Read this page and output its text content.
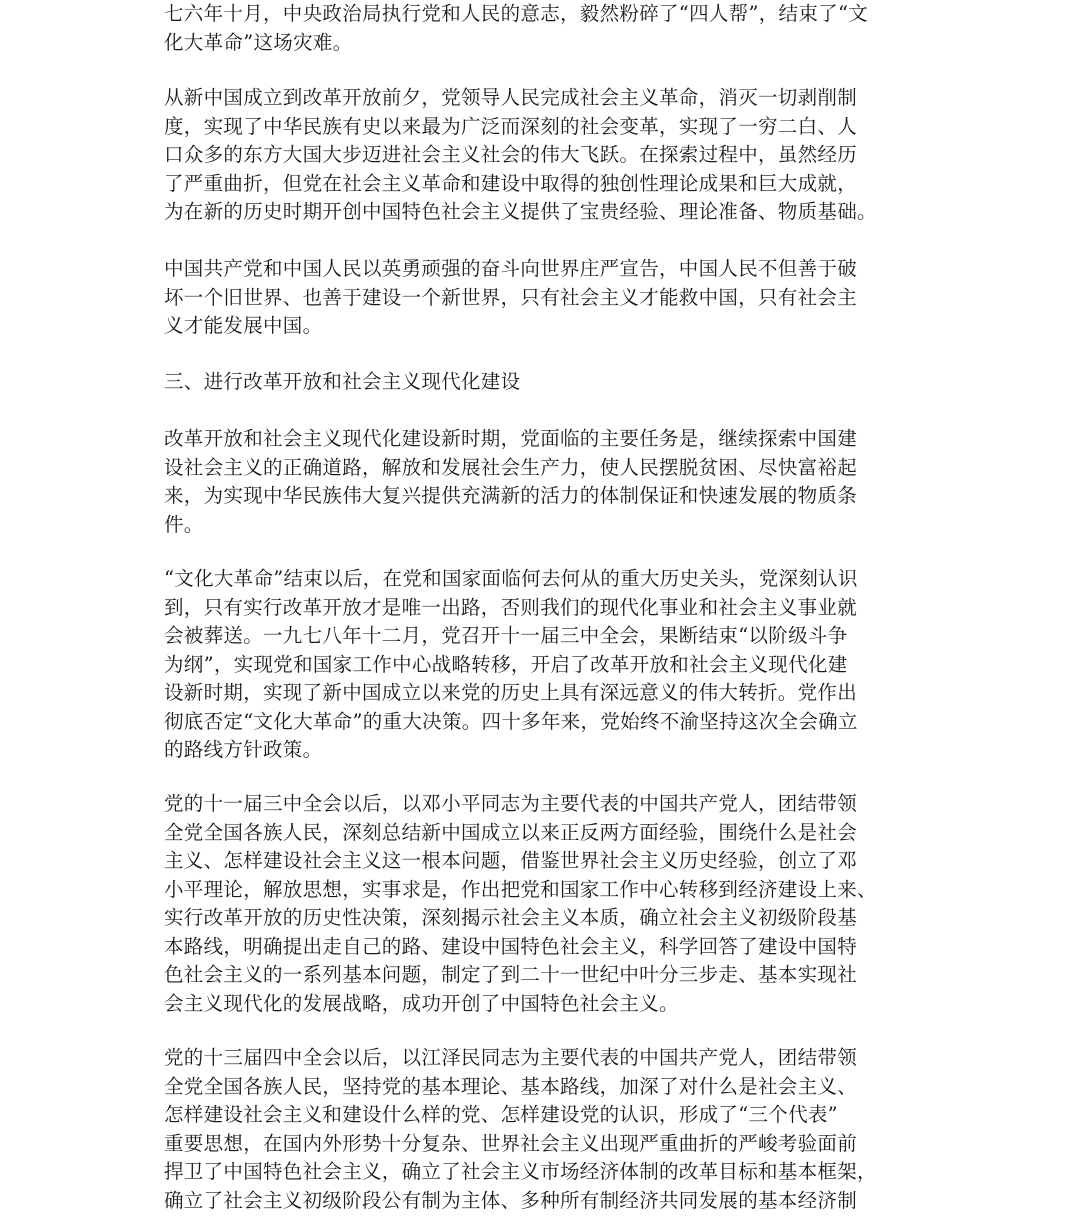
七六年十月，中央政治局执行党和人民的意志，毅然粉碎了“四人帮”，结束了“文
化大革命”这场灾难。

从新中国成立到改革开放前夕，党领导人民完成社会主义革命，消灭一切剥削制
度，实现了中华民族有史以来最为广泛而深刻的社会变革，实现了一穷二白、人
口众多的东方大国大步迈进社会主义社会的伟大飞跃。在探索过程中，虽然经历
了严重曲折，但党在社会主义革命和建设中取得的独创性理论成果和巨大成就，
为在新的历史时期开创中国特色社会主义提供了宝贵经验、理论准备、物质基础。

中国共产党和中国人民以英勇顽强的奋斗向世界庄严宣告，中国人民不但善于破
坏一个旧世界、也善于建设一个新世界，只有社会主义才能救中国，只有社会主
义才能发展中国。

三、进行改革开放和社会主义现代化建设

改革开放和社会主义现代化建设新时期，党面临的主要任务是，继续探索中国建
设社会主义的正确道路，解放和发展社会生产力，使人民摆脱贫困、尽快富裕起
来，为实现中华民族伟大复兴提供充满新的活力的体制保证和快速发展的物质条
件。

“文化大革命”结束以后，在党和国家面临何去何从的重大历史关头，党深刻认识
到，只有实行改革开放才是唯一出路，否则我们的现代化事业和社会主义事业就
会被葬送。一九七八年十二月，党召开十一届三中全会，果断结束“以阶级斗争
为纲”，实现党和国家工作中心战略转移，开启了改革开放和社会主义现代化建
设新时期，实现了新中国成立以来党的历史上具有深远意义的伟大转折。党作出
彻底否定“文化大革命”的重大决策。四十多年来，党始终不渝坚持这次全会确立
的路线方针政策。

党的十一届三中全会以后，以邓小平同志为主要代表的中国共产党人，团结带领
全党全国各族人民，深刻总结新中国成立以来正反两方面经验，围绕什么是社会
主义、怎样建设社会主义这一根本问题，借鉴世界社会主义历史经验，创立了邓
小平理论，解放思想，实事求是，作出把党和国家工作中心转移到经济建设上来、
实行改革开放的历史性决策，深刻揭示社会主义本质，确立社会主义初级阶段基
本路线，明确提出走自己的路、建设中国特色社会主义，科学回答了建设中国特
色社会主义的一系列基本问题，制定了到二十一世纪中叶分三步走、基本实现社
会主义现代化的发展战略，成功开创了中国特色社会主义。

党的十三届四中全会以后，以江泽民同志为主要代表的中国共产党人，团结带领
全党全国各族人民，坚持党的基本理论、基本路线，加深了对什么是社会主义、
怎样建设社会主义和建设什么样的党、怎样建设党的认识，形成了“三个代表”
重要思想，在国内外形势十分复杂、世界社会主义出现严重曲折的严峻考验面前
捍卫了中国特色社会主义，确立了社会主义市场经济体制的改革目标和基本框架，
确立了社会主义初级阶段公有制为主体、多种所有制经济共同发展的基本经济制
